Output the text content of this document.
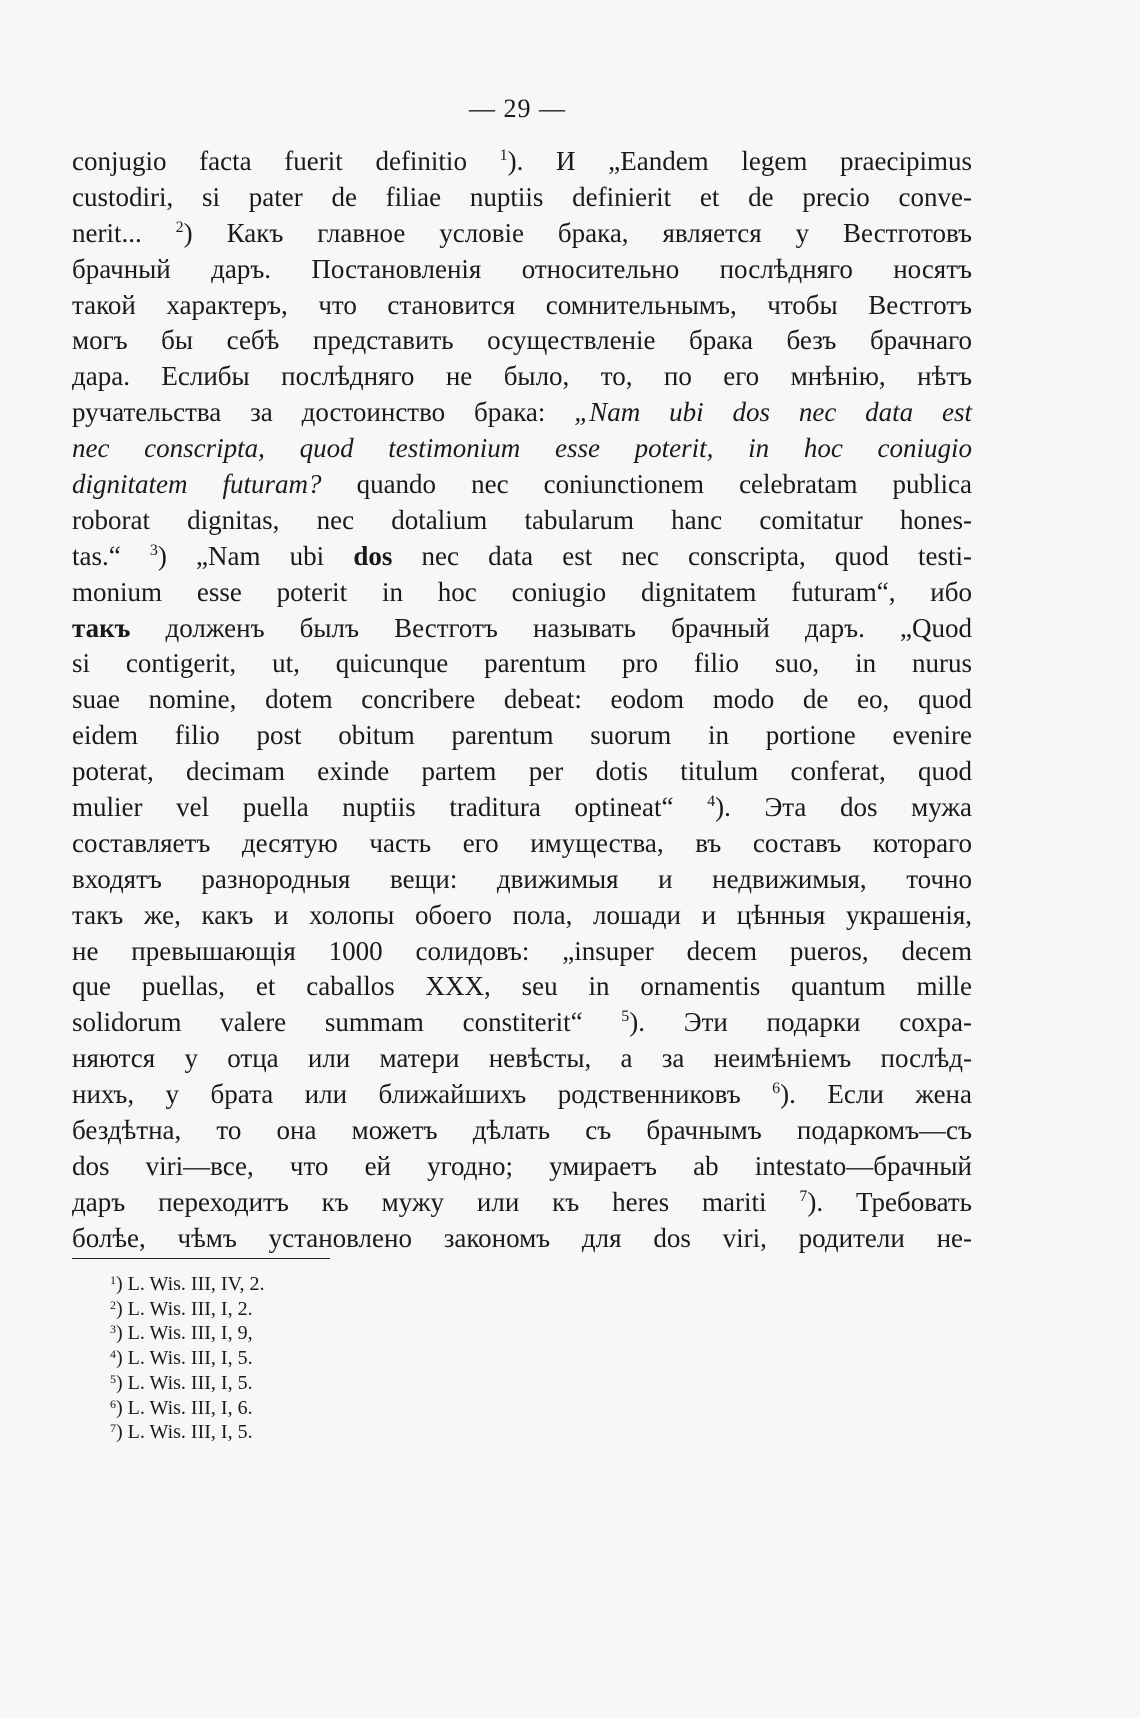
— 29 —
conjugio facta fuerit definitio $^1$). И „Eandem legem praecipimus
custodiri, si pater de filiae nuptiis definierit et de precio conve-
nerit... $^2$) Какъ главное условіе брака, является у Вестготовъ
брачный даръ. Постановленія относительно послѣдняго носятъ
такой характеръ, что становится сомнительнымъ, чтобы Вестготъ
могъ бы себѣ представить осуществленіе брака безъ брачнаго
дара. Еслибы послѣдняго не было, то, по его мнѣнію, нѣтъ
ручательства за достоинство брака: „Nam ubi dos nec data est
nec conscripta, quod testimonium esse poterit, in hoc coniugio
dignitatem futuram? quando nec coniunctionem celebratam publica
roborat dignitas, nec dotalium tabularum hanc comitatur hones-
tas.“ $^3$) „Nam ubi dos nec data est nec conscripta, quod testi-
monium esse poterit in hoc coniugio dignitatem futuram“, ибо
такъ долженъ былъ Вестготъ называть брачный даръ. „Quod
si contigerit, ut, quicunque parentum pro filio suo, in nurus
suae nomine, dotem concribere debeat: eodom modo de eo, quod
eidem filio post obitum parentum suorum in portione evenire
poterat, decimam exinde partem per dotis titulum conferat, quod
mulier vel puella nuptiis traditura optineat“ $^4$). Эта dos мужа
составляетъ десятую часть его имущества, въ составъ котораго
входятъ разнородныя вещи: движимыя и недвижимыя, точно
такъ же, какъ и холопы обоего пола, лошади и цѣнныя украшенія,
не превышающія 1000 солидовъ: „insuper decem pueros, decem
que puellas, et caballos XXX, seu in ornamentis quantum mille
solidorum valere summam constiterit“ $^5$). Эти подарки сохра-
няются у отца или матери невѣсты, а за неимѣніемъ послѣд-
нихъ, у брата или ближайшихъ родственниковъ $^6$). Если жена
бездѣтна, то она можетъ дѣлать съ брачнымъ подаркомъ—съ
dos viri—все, что ей угодно; умираетъ ab intestato—брачный
даръ переходитъ къ мужу или къ heres mariti $^7$). Требовать
болѣе, чѣмъ установлено закономъ для dos viri, родители не-
$^1$) L. Wis. III, IV, 2.
$^2$) L. Wis. III, I, 2.
$^3$) L. Wis. III, I, 9,
$^4$) L. Wis. III, I, 5.
$^5$) L. Wis. III, I, 5.
$^6$) L. Wis. III, I, 6.
$^7$) L. Wis. III, I, 5.
